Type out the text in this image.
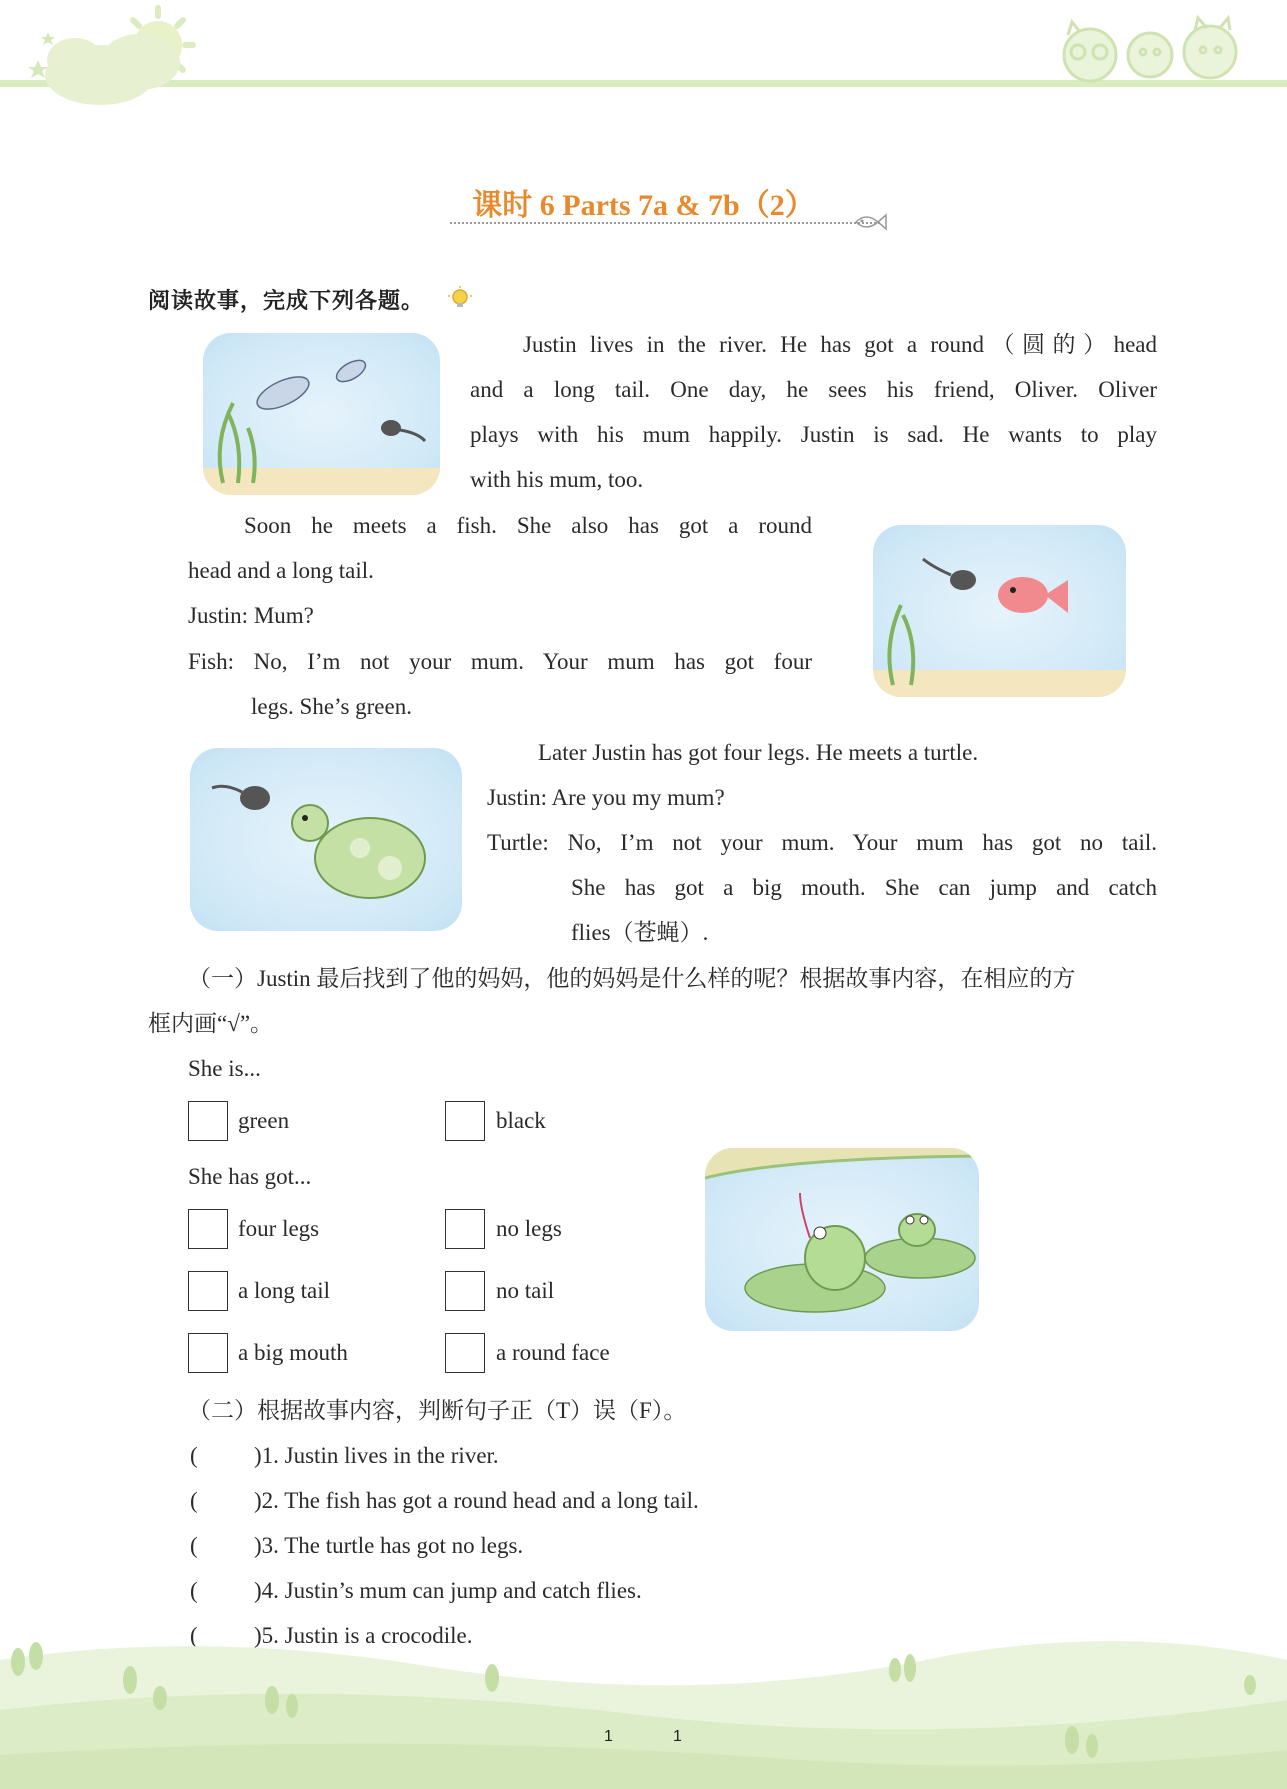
课时 6 Parts 7a & 7b（2）
阅读故事，完成下列各题。
Justin lives in the river. He has got a round（圆的）head
and a long tail. One day, he sees his friend, Oliver. Oliver
plays with his mum happily. Justin is sad. He wants to play
with his mum, too.
Soon he meets a fish. She also has got a round
head and a long tail.
Justin: Mum?
Fish: No, I’m not your mum. Your mum has got four
legs. She’s green.
Later Justin has got four legs. He meets a turtle.
Justin: Are you my mum?
Turtle: No, I’m not your mum. Your mum has got no tail.
She has got a big mouth. She can jump and catch
flies（苍蝇）.
（一）Justin 最后找到了他的妈妈，他的妈妈是什么样的呢？根据故事内容，在相应的方
框内画“√”。
She is...
green	black
She has got...
four legs	no legs
a long tail	no tail
a big mouth	a round face
（二）根据故事内容，判断句子正（T）误（F）。
( )1. Justin lives in the river.
( )2. The fish has got a round head and a long tail.
( )3. The turtle has got no legs.
( )4. Justin’s mum can jump and catch flies.
( )5. Justin is a crocodile.
1	1
